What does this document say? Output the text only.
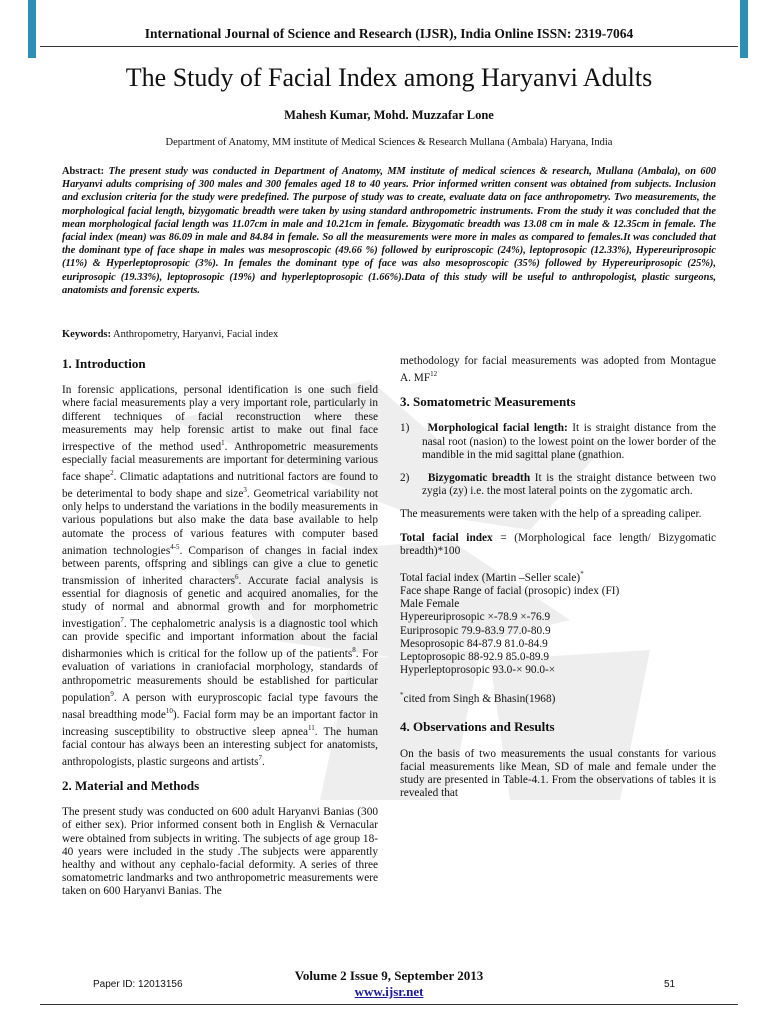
International Journal of Science and Research (IJSR), India Online ISSN: 2319-7064
The Study of Facial Index among Haryanvi Adults
Mahesh Kumar, Mohd. Muzzafar Lone
Department of Anatomy, MM institute of Medical Sciences & Research Mullana (Ambala) Haryana, India
Abstract: The present study was conducted in Department of Anatomy, MM institute of medical sciences & research, Mullana (Ambala), on 600 Haryanvi adults comprising of 300 males and 300 females aged 18 to 40 years. Prior informed written consent was obtained from subjects. Inclusion and exclusion criteria for the study were predefined. The purpose of study was to create, evaluate data on face anthropometry. Two measurements, the morphological facial length, bizygomatic breadth were taken by using standard anthropometric instruments. From the study it was concluded that the mean morphological facial length was 11.07cm in male and 10.21cm in female. Bizygomatic breadth was 13.08 cm in male & 12.35cm in female. The facial index (mean) was 86.09 in male and 84.84 in female. So all the measurements were more in males as compared to females.It was concluded that the dominant type of face shape in males was mesoproscopic (49.66 %) followed by euriproscopic (24%), leptoprosopic (12.33%), Hypereuriprosopic (11%) & Hyperleptoprosopic (3%). In females the dominant type of face was also mesoproscopic (35%) followed by Hypereuriprosopic (25%), euriprosopic (19.33%), leptoprosopic (19%) and hyperleptoprosopic (1.66%).Data of this study will be useful to anthropologist, plastic surgeons, anatomists and forensic experts.
Keywords: Anthropometry, Haryanvi, Facial index
1. Introduction

In forensic applications, personal identification is one such field where facial measurements play a very important role, particularly in different techniques of facial reconstruction where these measurements may help forensic artist to make out final face irrespective of the method used$^1$. Anthropometric measurements especially facial measurements are important for determining various face shape$^2$. Climatic adaptations and nutritional factors are found to be deterimental to body shape and size$^3$. Geometrical variability not only helps to understand the variations in the bodily measurements in various populations but also make the data base available to help automate the process of various features with computer based animation technologies$^{4-5}$. Comparison of changes in facial index between parents, offspring and siblings can give a clue to genetic transmission of inherited characters$^6$. Accurate facial analysis is essential for diagnosis of genetic and acquired anomalies, for the study of normal and abnormal growth and for morphometric investigation$^7$. The cephalometric analysis is a diagnostic tool which can provide specific and important information about the facial disharmonies which is critical for the follow up of the patients$^8$. For evaluation of variations in craniofacial morphology, standards of anthropometric measurements should be established for particular population$^9$. A person with euryproscopic facial type favours the nasal breadthing mode$^{10}$). Facial form may be an important factor in increasing susceptibility to obstructive sleep apnea$^{11}$. The human facial contour has always been an interesting subject for anatomists, anthropologists, plastic surgeons and artists$^7$.

2. Material and Methods

The present study was conducted on 600 adult Haryanvi Banias (300 of either sex). Prior informed consent both in English & Vernacular were obtained from subjects in writing. The subjects of age group 18-40 years were included in the study .The subjects were apparently healthy and without any cephalo-facial deformity. A series of three somatometric landmarks and two anthropometric measurements were taken on 600 Haryanvi Banias. The

methodology for facial measurements was adopted from Montague A. MF$^{12}$

3. Somatometric Measurements
1) Morphological facial length: It is straight distance from the nasal root (nasion) to the lowest point on the lower border of the mandible in the mid sagittal plane (gnathion.
2) Bizygomatic breadth It is the straight distance between two zygia (zy) i.e. the most lateral points on the zygomatic arch.

The measurements were taken with the help of a spreading caliper.

Total facial index = (Morphological face length/ Bizygomatic breadth)*100

Total facial index (Martin –Seller scale)*
Face shape Range of facial (prosopic) index (FI)
Male Female
Hypereuriprosopic ×-78.9 ×-76.9
Euriprosopic 79.9-83.9 77.0-80.9
Mesoprosopic 84-87.9 81.0-84.9
Leptoprosopic 88-92.9 85.0-89.9
Hyperleptoprosopic 93.0-× 90.0-×
*cited from Singh & Bhasin(1968)
4. Observations and Results

On the basis of two measurements the usual constants for various facial measurements like Mean, SD of male and female under the study are presented in Table-4.1. From the observations of tables it is revealed that

Volume 2 Issue 9, September 2013
www.ijsr.net
Paper ID: 12013156	51
